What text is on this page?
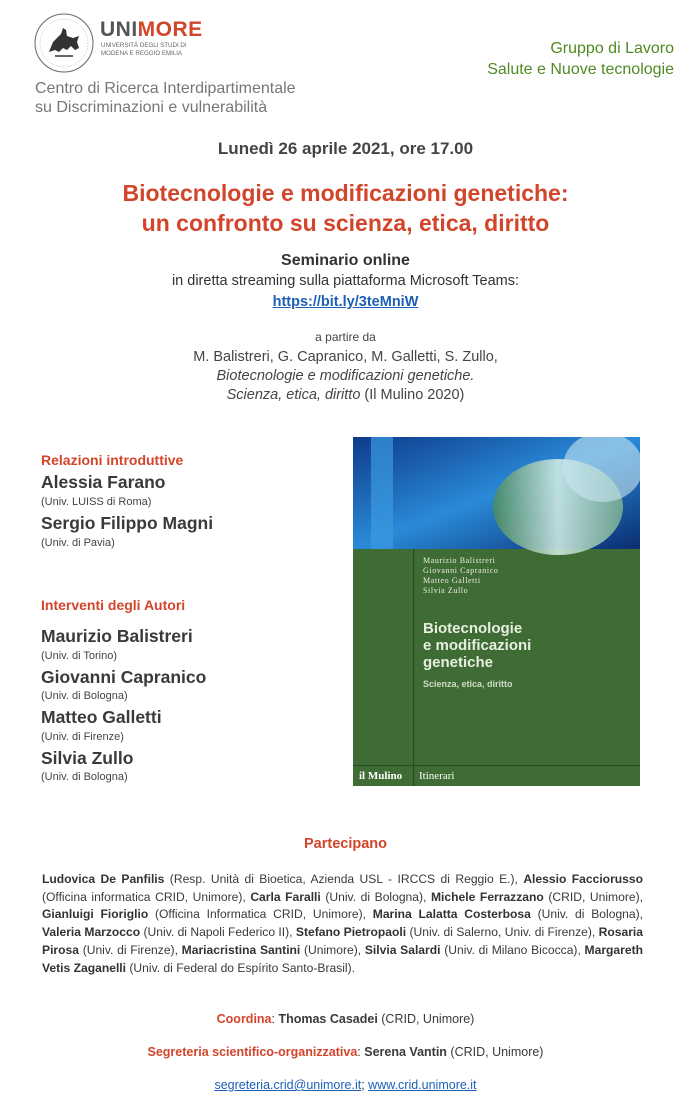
UNIMORE
UNIVERSITÀ DEGLI STUDI DI
MODENA E REGGIO EMILIA
Centro di Ricerca Interdipartimentale
su Discriminazioni e vulnerabilità
Gruppo di Lavoro
Salute e Nuove tecnologie
Lunedì 26 aprile 2021, ore 17.00
Biotecnologie e modificazioni genetiche:
un confronto su scienza, etica, diritto
Seminario online
in diretta streaming sulla piattaforma Microsoft Teams:
https://bit.ly/3teMniW
a partire da
M. Balistreri, G. Capranico, M. Galletti, S. Zullo,
Biotecnologie e modificazioni genetiche.
Scienza, etica, diritto (Il Mulino 2020)
Relazioni introduttive
Alessia Farano
(Univ. LUISS di Roma)
Sergio Filippo Magni
(Univ. di Pavia)
Interventi degli Autori
Maurizio Balistreri
(Univ. di Torino)
Giovanni Capranico
(Univ. di Bologna)
Matteo Galletti
(Univ. di Firenze)
Silvia Zullo
(Univ. di Bologna)
Maurizio Balistreri
Giovanni Capranico
Matteo Galletti
Silvia Zullo
Biotecnologie
e modificazioni
genetiche
Scienza, etica, diritto
il Mulino Itinerari
Partecipano
Ludovica De Panfilis (Resp. Unità di Bioetica, Azienda USL - IRCCS di Reggio E.), Alessio Facciorusso (Officina informatica CRID, Unimore), Carla Faralli (Univ. di Bologna), Michele Ferrazzano (CRID, Unimore), Gianluigi Fioriglio (Officina Informatica CRID, Unimore), Marina Lalatta Costerbosa (Univ. di Bologna), Valeria Marzocco (Univ. di Napoli Federico II), Stefano Pietropaoli (Univ. di Salerno, Univ. di Firenze), Rosaria Pirosa (Univ. di Firenze), Mariacristina Santini (Unimore), Silvia Salardi (Univ. di Milano Bicocca), Margareth Vetis Zaganelli (Univ. di Federal do Espírito Santo-Brasil).
Coordina: Thomas Casadei (CRID, Unimore)
Segreteria scientifico-organizzativa: Serena Vantin (CRID, Unimore)
segreteria.crid@unimore.it; www.crid.unimore.it
